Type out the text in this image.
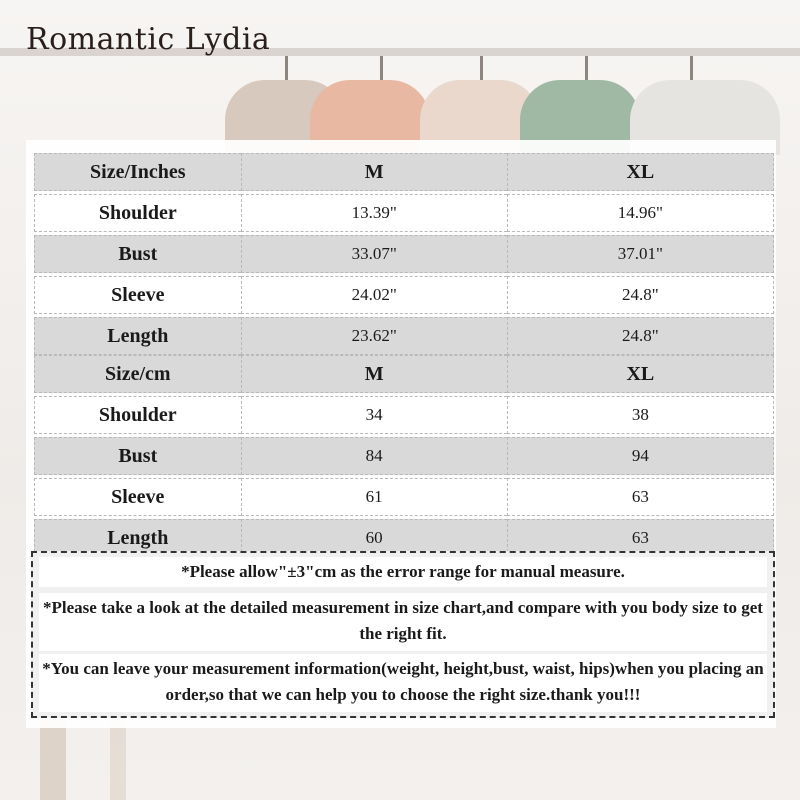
Romantic Lydia
Size/Inches	M	XL
Shoulder	13.39"	14.96"
Bust	33.07"	37.01"
Sleeve	24.02"	24.8"
Length	23.62"	24.8"
Size/cm	M	XL
Shoulder	34	38
Bust	84	94
Sleeve	61	63
Length	60	63
*Please allow"±3"cm as the error range for manual measure.
*Please take a look at the detailed measurement in size chart,and compare with you body size to get the right fit.
*You can leave your measurement information(weight, height,bust, waist, hips)when you placing an order,so that we can help you to choose the right size.thank you!!!
